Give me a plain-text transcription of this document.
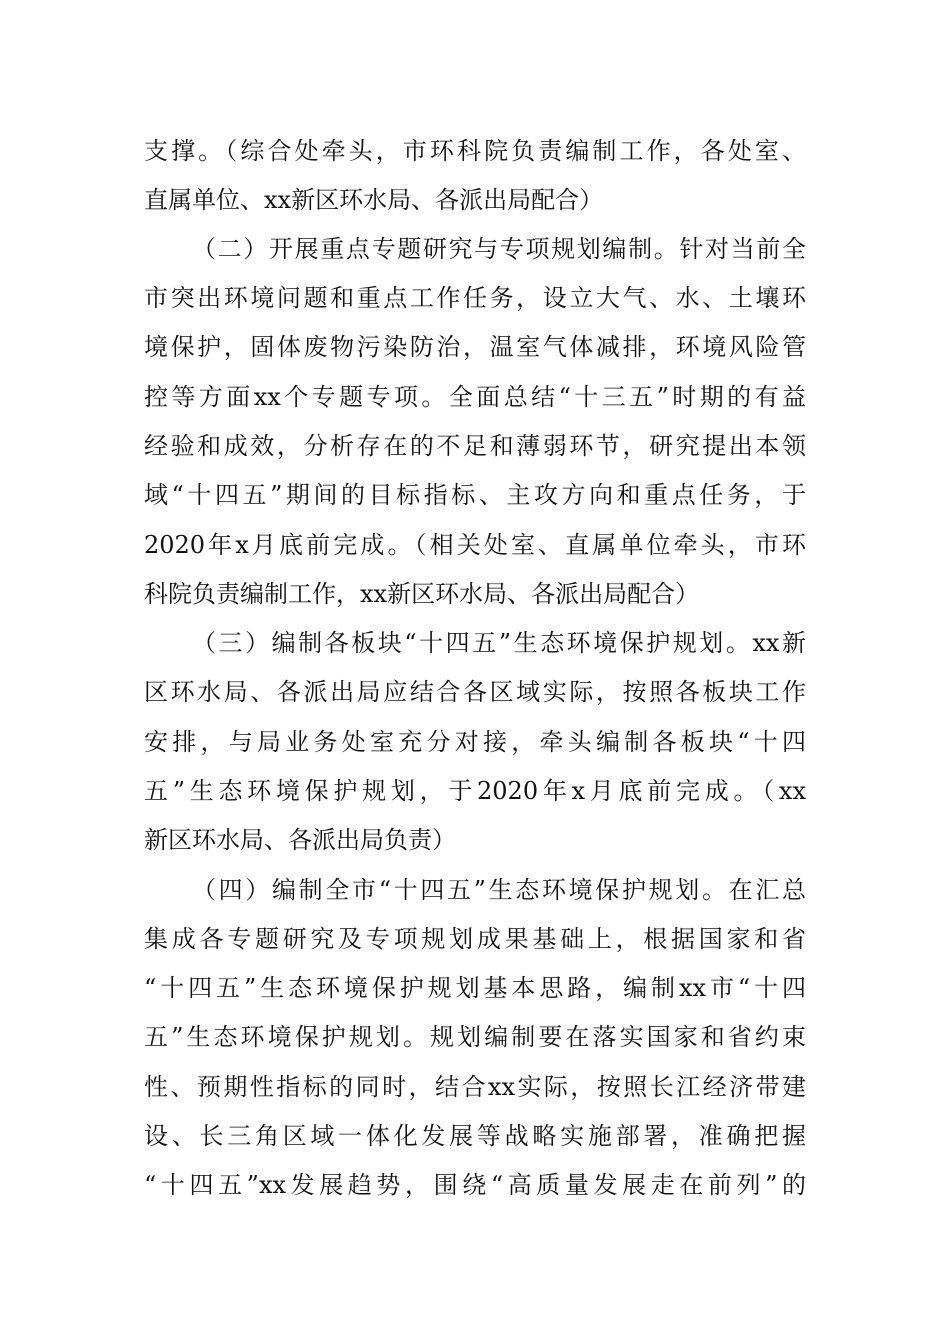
支撑。（综合处牵头，市环科院负责编制工作，各处室、
直属单位、xx新区环水局、各派出局配合）
（二）开展重点专题研究与专项规划编制。针对当前全
市突出环境问题和重点工作任务，设立大气、水、土壤环
境保护，固体废物污染防治，温室气体减排，环境风险管
控等方面xx个专题专项。全面总结“十三五”时期的有益
经验和成效，分析存在的不足和薄弱环节，研究提出本领
域“十四五”期间的目标指标、主攻方向和重点任务，于
2020年x月底前完成。（相关处室、直属单位牵头，市环
科院负责编制工作，xx新区环水局、各派出局配合）
（三）编制各板块“十四五”生态环境保护规划。xx新
区环水局、各派出局应结合各区域实际，按照各板块工作
安排，与局业务处室充分对接，牵头编制各板块“十四
五”生态环境保护规划，于2020年x月底前完成。（xx
新区环水局、各派出局负责）
（四）编制全市“十四五”生态环境保护规划。在汇总
集成各专题研究及专项规划成果基础上，根据国家和省
“十四五”生态环境保护规划基本思路，编制xx市“十四
五”生态环境保护规划。规划编制要在落实国家和省约束
性、预期性指标的同时，结合xx实际，按照长江经济带建
设、长三角区域一体化发展等战略实施部署，准确把握
“十四五”xx发展趋势，围绕“高质量发展走在前列”的
